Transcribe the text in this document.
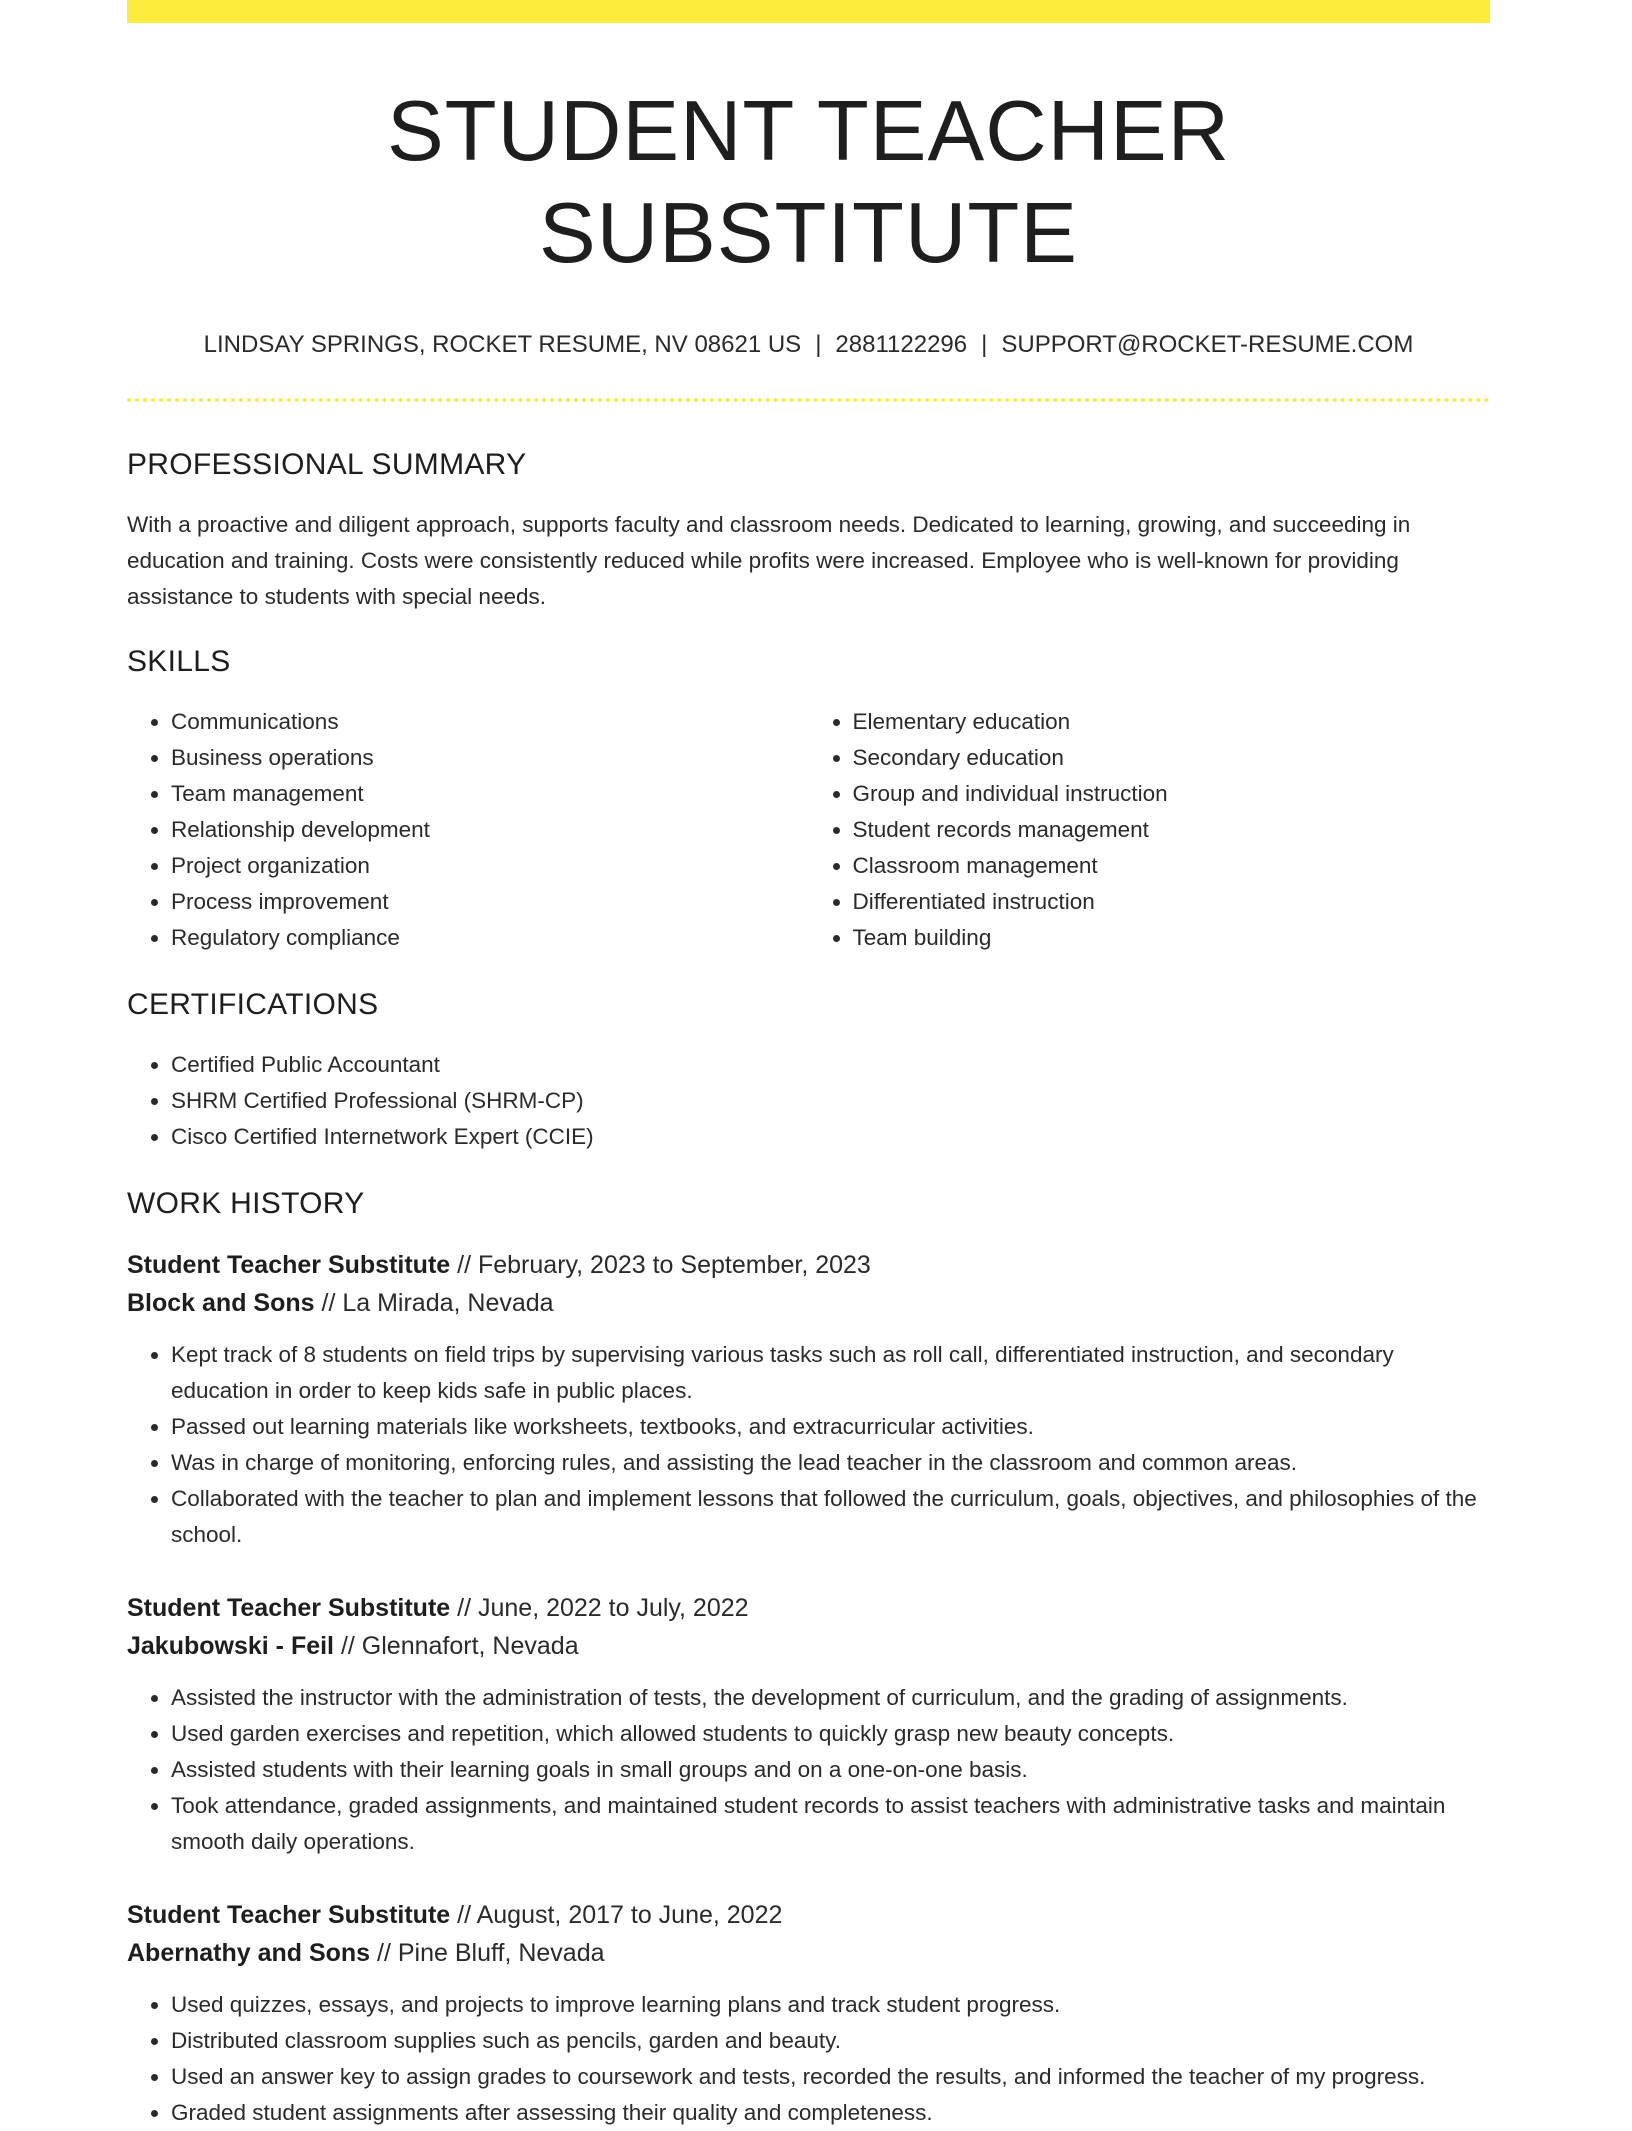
STUDENT TEACHER SUBSTITUTE
LINDSAY SPRINGS, ROCKET RESUME, NV 08621 US | 2881122296 | SUPPORT@ROCKET-RESUME.COM
PROFESSIONAL SUMMARY

With a proactive and diligent approach, supports faculty and classroom needs. Dedicated to learning, growing, and succeeding in education and training. Costs were consistently reduced while profits were increased. Employee who is well-known for providing assistance to students with special needs.

SKILLS
• Communications
• Business operations
• Team management
• Relationship development
• Project organization
• Process improvement
• Regulatory compliance
• Elementary education
• Secondary education
• Group and individual instruction
• Student records management
• Classroom management
• Differentiated instruction
• Team building
CERTIFICATIONS
• Certified Public Accountant
• SHRM Certified Professional (SHRM-CP)
• Cisco Certified Internetwork Expert (CCIE)
WORK HISTORY
Student Teacher Substitute // February, 2023 to September, 2023
Block and Sons // La Mirada, Nevada
• Kept track of 8 students on field trips by supervising various tasks such as roll call, differentiated instruction, and secondary education in order to keep kids safe in public places.
• Passed out learning materials like worksheets, textbooks, and extracurricular activities.
• Was in charge of monitoring, enforcing rules, and assisting the lead teacher in the classroom and common areas.
• Collaborated with the teacher to plan and implement lessons that followed the curriculum, goals, objectives, and philosophies of the school.
Student Teacher Substitute // June, 2022 to July, 2022
Jakubowski - Feil // Glennafort, Nevada
• Assisted the instructor with the administration of tests, the development of curriculum, and the grading of assignments.
• Used garden exercises and repetition, which allowed students to quickly grasp new beauty concepts.
• Assisted students with their learning goals in small groups and on a one-on-one basis.
• Took attendance, graded assignments, and maintained student records to assist teachers with administrative tasks and maintain smooth daily operations.
Student Teacher Substitute // August, 2017 to June, 2022
Abernathy and Sons // Pine Bluff, Nevada
• Used quizzes, essays, and projects to improve learning plans and track student progress.
• Distributed classroom supplies such as pencils, garden and beauty.
• Used an answer key to assign grades to coursework and tests, recorded the results, and informed the teacher of my progress.
• Graded student assignments after assessing their quality and completeness.
